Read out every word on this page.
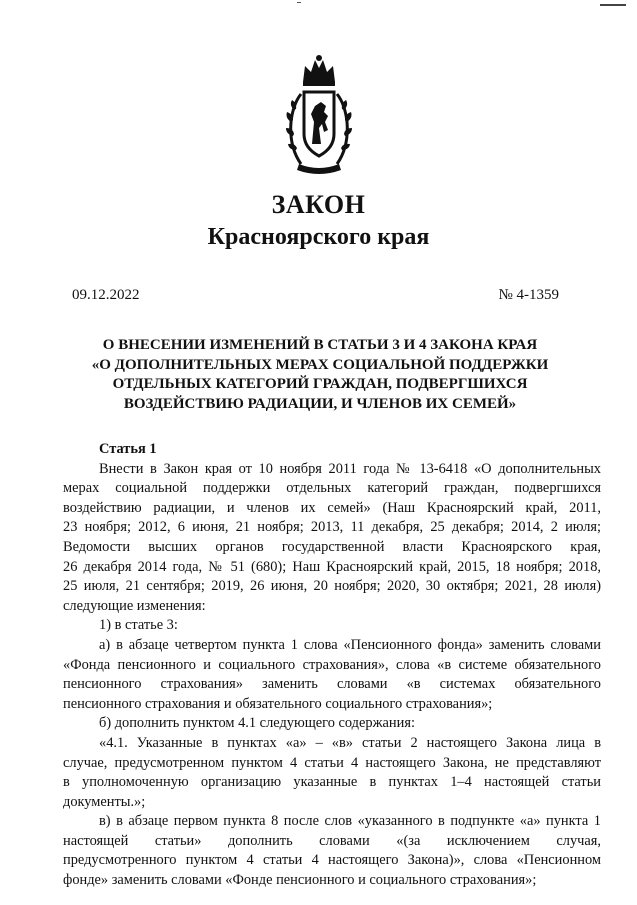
ЗАКОН
Красноярского края
09.12.2022	№ 4-1359
О ВНЕСЕНИИ ИЗМЕНЕНИЙ В СТАТЬИ 3 И 4 ЗАКОНА КРАЯ
«О ДОПОЛНИТЕЛЬНЫХ МЕРАХ СОЦИАЛЬНОЙ ПОДДЕРЖКИ
ОТДЕЛЬНЫХ КАТЕГОРИЙ ГРАЖДАН, ПОДВЕРГШИХСЯ
ВОЗДЕЙСТВИЮ РАДИАЦИИ, И ЧЛЕНОВ ИХ СЕМЕЙ»
Статья 1
Внести в Закон края от 10 ноября 2011 года № 13-6418 «О дополнительных
мерах социальной поддержки отдельных категорий граждан, подвергшихся
воздействию радиации, и членов их семей» (Наш Красноярский край, 2011,
23 ноября; 2012, 6 июня, 21 ноября; 2013, 11 декабря, 25 декабря; 2014, 2 июля;
Ведомости высших органов государственной власти Красноярского края,
26 декабря 2014 года, № 51 (680); Наш Красноярский край, 2015, 18 ноября; 2018,
25 июля, 21 сентября; 2019, 26 июня, 20 ноября; 2020, 30 октября; 2021, 28 июля)
следующие изменения:
1) в статье 3:
а) в абзаце четвертом пункта 1 слова «Пенсионного фонда» заменить словами
«Фонда пенсионного и социального страхования», слова «в системе обязательного
пенсионного страхования» заменить словами «в системах обязательного
пенсионного страхования и обязательного социального страхования»;
б) дополнить пунктом 4.1 следующего содержания:
«4.1. Указанные в пунктах «а» – «в» статьи 2 настоящего Закона лица в
случае, предусмотренном пунктом 4 статьи 4 настоящего Закона, не представляют
в уполномоченную организацию указанные в пунктах 1–4 настоящей статьи
документы.»;
в) в абзаце первом пункта 8 после слов «указанного в подпункте «а» пункта 1
настоящей статьи» дополнить словами «(за исключением случая,
предусмотренного пунктом 4 статьи 4 настоящего Закона)», слова «Пенсионном
фонде» заменить словами «Фонде пенсионного и социального страхования»;
